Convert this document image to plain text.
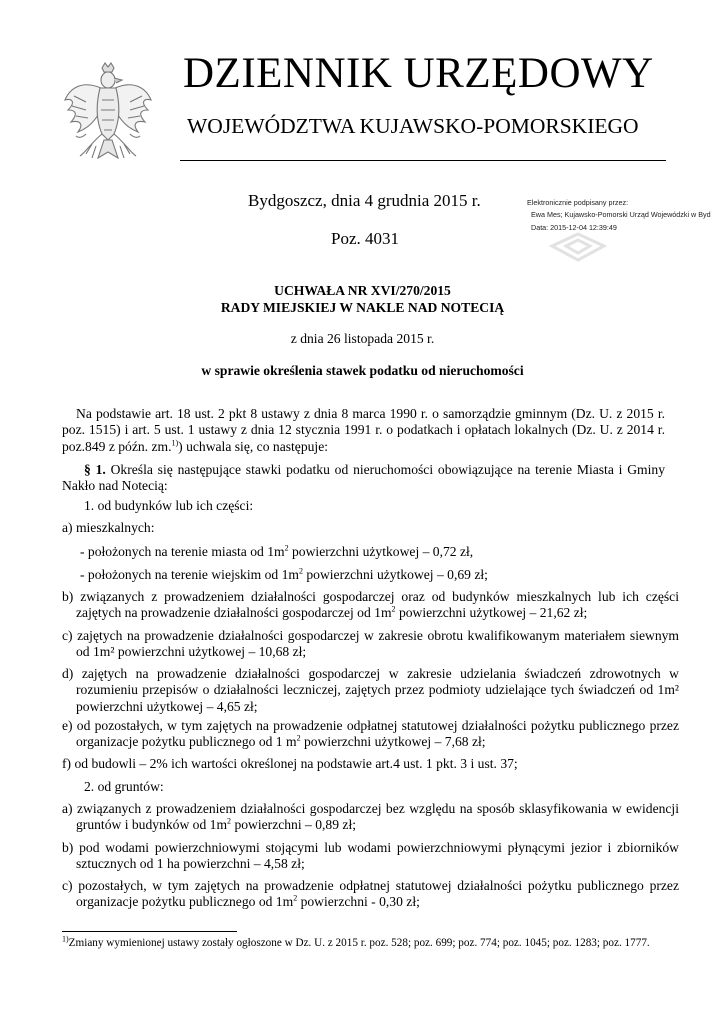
DZIENNIK URZĘDOWY
WOJEWÓDZTWA KUJAWSKO-POMORSKIEGO
Bydgoszcz, dnia 4 grudnia 2015 r.
Poz. 4031
Elektronicznie podpisany przez:
Ewa Mes; Kujawsko-Pomorski Urząd Wojewódzki w Byd
Data: 2015-12-04 12:39:49
UCHWAŁA NR XVI/270/2015
RADY MIEJSKIEJ W NAKLE NAD NOTECIĄ
z dnia 26 listopada 2015 r.
w sprawie określenia stawek podatku od nieruchomości
Na podstawie art. 18 ust. 2 pkt 8 ustawy z dnia 8 marca 1990 r. o samorządzie gminnym (Dz. U. z 2015 r. poz. 1515) i art. 5 ust. 1 ustawy z dnia 12 stycznia 1991 r. o podatkach i opłatach lokalnych (Dz. U. z 2014 r. poz.849 z późn. zm.$^{1)}$) uchwala się, co następuje:
§ 1. Określa się następujące stawki podatku od nieruchomości obowiązujące na terenie Miasta i Gminy Nakło nad Notecią:
1. od budynków lub ich części:
a) mieszkalnych:
- położonych na terenie miasta od $1m^2$ powierzchni użytkowej – 0,72 zł,
- położonych na terenie wiejskim od $1m^2$ powierzchni użytkowej – 0,69 zł;
b) związanych z prowadzeniem działalności gospodarczej oraz od budynków mieszkalnych lub ich części zajętych na prowadzenie działalności gospodarczej od $1m^2$ powierzchni użytkowej – 21,62 zł;
c) zajętych na prowadzenie działalności gospodarczej w zakresie obrotu kwalifikowanym materiałem siewnym od 1m² powierzchni użytkowej – 10,68 zł;
d) zajętych na prowadzenie działalności gospodarczej w zakresie udzielania świadczeń zdrowotnych w rozumieniu przepisów o działalności leczniczej, zajętych przez podmioty udzielające tych świadczeń od 1m² powierzchni użytkowej – 4,65 zł;
e) od pozostałych, w tym zajętych na prowadzenie odpłatnej statutowej działalności pożytku publicznego przez organizacje pożytku publicznego od 1 $m^2$ powierzchni użytkowej – 7,68 zł;
f) od budowli – 2% ich wartości określonej na podstawie art.4 ust. 1 pkt. 3 i ust. 37;
2. od gruntów:
a) związanych z prowadzeniem działalności gospodarczej bez względu na sposób sklasyfikowania w ewidencji gruntów i budynków od $1m^2$ powierzchni – 0,89 zł;
b) pod wodami powierzchniowymi stojącymi lub wodami powierzchniowymi płynącymi jezior i zbiorników sztucznych od 1 ha powierzchni – 4,58 zł;
c) pozostałych, w tym zajętych na prowadzenie odpłatnej statutowej działalności pożytku publicznego przez organizacje pożytku publicznego od $1m^2$ powierzchni - 0,30 zł;
$^{1)}$Zmiany wymienionej ustawy zostały ogłoszone w Dz. U. z 2015 r. poz. 528; poz. 699; poz. 774; poz. 1045; poz. 1283; poz. 1777.
